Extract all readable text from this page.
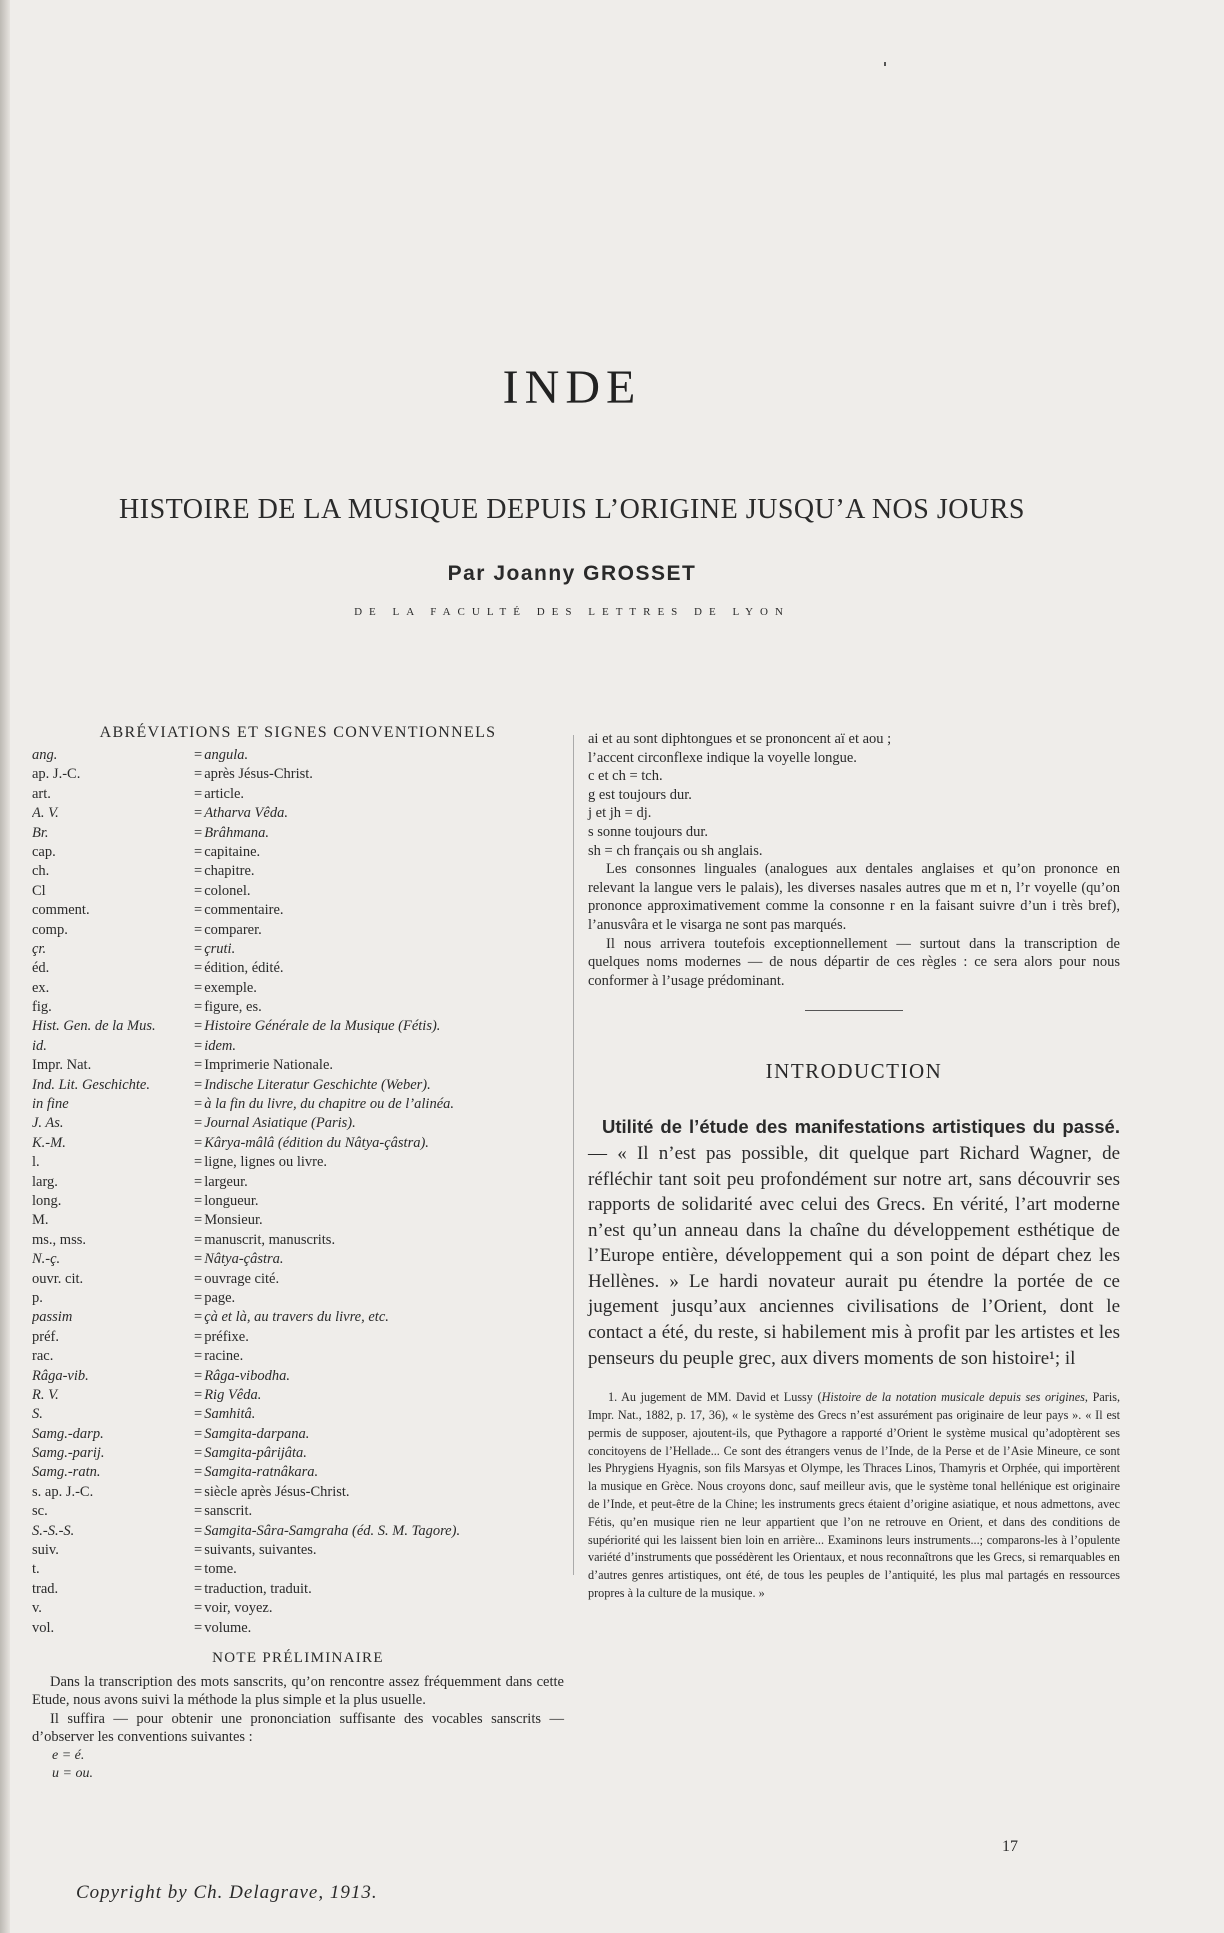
INDE
HISTOIRE DE LA MUSIQUE DEPUIS L’ORIGINE JUSQU’A NOS JOURS
Par Joanny GROSSET
DE LA FACULTÉ DES LETTRES DE LYON
ABRÉVIATIONS ET SIGNES CONVENTIONNELS
ang.	= angula.
ap. J.-C.	= après Jésus-Christ.
art.	= article.
A. V.	= Atharva Vêda.
Br.	= Brâhmana.
cap.	= capitaine.
ch.	= chapitre.
Cl	= colonel.
comment.	= commentaire.
comp.	= comparer.
çr.	= çruti.
éd.	= édition, édité.
ex.	= exemple.
fig.	= figure, es.
Hist. Gen. de la Mus.	= Histoire Générale de la Musique (Fétis).
id.	= idem.
Impr. Nat.	= Imprimerie Nationale.
Ind. Lit. Geschichte.	= Indische Literatur Geschichte (Weber).
in fine	= à la fin du livre, du chapitre ou de l’alinéa.
J. As.	= Journal Asiatique (Paris).
K.-M.	= Kârya-mâlâ (édition du Nâtya-çâstra).
l.	= ligne, lignes ou livre.
larg.	= largeur.
long.	= longueur.
M.	= Monsieur.
ms., mss.	= manuscrit, manuscrits.
N.-ç.	= Nâtya-çâstra.
ouvr. cit.	= ouvrage cité.
p.	= page.
passim	= çà et là, au travers du livre, etc.
préf.	= préfixe.
rac.	= racine.
Râga-vib.	= Râga-vibodha.
R. V.	= Rig Vêda.
S.	= Samhitâ.
Samg.-darp.	= Samgita-darpana.
Samg.-parij.	= Samgita-pârijâta.
Samg.-ratn.	= Samgita-ratnâkara.
s. ap. J.-C.	= siècle après Jésus-Christ.
sc.	= sanscrit.
S.-S.-S.	= Samgita-Sâra-Samgraha (éd. S. M. Tagore).
suiv.	= suivants, suivantes.
t.	= tome.
trad.	= traduction, traduit.
v.	= voir, voyez.
vol.	= volume.
NOTE PRÉLIMINAIRE

Dans la transcription des mots sanscrits, qu’on rencontre assez fréquemment dans cette Etude, nous avons suivi la méthode la plus simple et la plus usuelle.

Il suffira — pour obtenir une prononciation suffisante des vocables sanscrits — d’observer les conventions suivantes :

e = é.

u = ou.

ai et au sont diphtongues et se prononcent aï et aou ;
l’accent circonflexe indique la voyelle longue.
c et ch = tch.
g est toujours dur.
j et jh = dj.
s sonne toujours dur.
sh = ch français ou sh anglais.

Les consonnes linguales (analogues aux dentales anglaises et qu’on prononce en relevant la langue vers le palais), les diverses nasales autres que m et n, l’r voyelle (qu’on prononce approximativement comme la consonne r en la faisant suivre d’un i très bref), l’anusvâra et le visarga ne sont pas marqués.

Il nous arrivera toutefois exceptionnellement — surtout dans la transcription de quelques noms modernes — de nous départir de ces règles : ce sera alors pour nous conformer à l’usage prédominant.

INTRODUCTION

Utilité de l’étude des manifestations artistiques du passé. — « Il n’est pas possible, dit quelque part Richard Wagner, de réfléchir tant soit peu profondément sur notre art, sans découvrir ses rapports de solidarité avec celui des Grecs. En vérité, l’art moderne n’est qu’un anneau dans la chaîne du développement esthétique de l’Europe entière, développement qui a son point de départ chez les Hellènes. » Le hardi novateur aurait pu étendre la portée de ce jugement jusqu’aux anciennes civilisations de l’Orient, dont le contact a été, du reste, si habilement mis à profit par les artistes et les penseurs du peuple grec, aux divers moments de son histoire¹; il

1. Au jugement de MM. David et Lussy (Histoire de la notation musicale depuis ses origines, Paris, Impr. Nat., 1882, p. 17, 36), « le système des Grecs n’est assurément pas originaire de leur pays ». « Il est permis de supposer, ajoutent-ils, que Pythagore a rapporté d’Orient le système musical qu’adoptèrent ses concitoyens de l’Hellade... Ce sont des étrangers venus de l’Inde, de la Perse et de l’Asie Mineure, ce sont les Phrygiens Hyagnis, son fils Marsyas et Olympe, les Thraces Linos, Thamyris et Orphée, qui importèrent la musique en Grèce. Nous croyons donc, sauf meilleur avis, que le système tonal hellénique est originaire de l’Inde, et peut-être de la Chine; les instruments grecs étaient d’origine asiatique, et nous admettons, avec Fétis, qu’en musique rien ne leur appartient que l’on ne retrouve en Orient, et dans des conditions de supériorité qui les laissent bien loin en arrière... Examinons leurs instruments...; comparons-les à l’opulente variété d’instruments que possédèrent les Orientaux, et nous reconnaîtrons que les Grecs, si remarquables en d’autres genres artistiques, ont été, de tous les peuples de l’antiquité, les plus mal partagés en ressources propres à la culture de la musique. »

17
Copyright by Ch. Delagrave, 1913.
